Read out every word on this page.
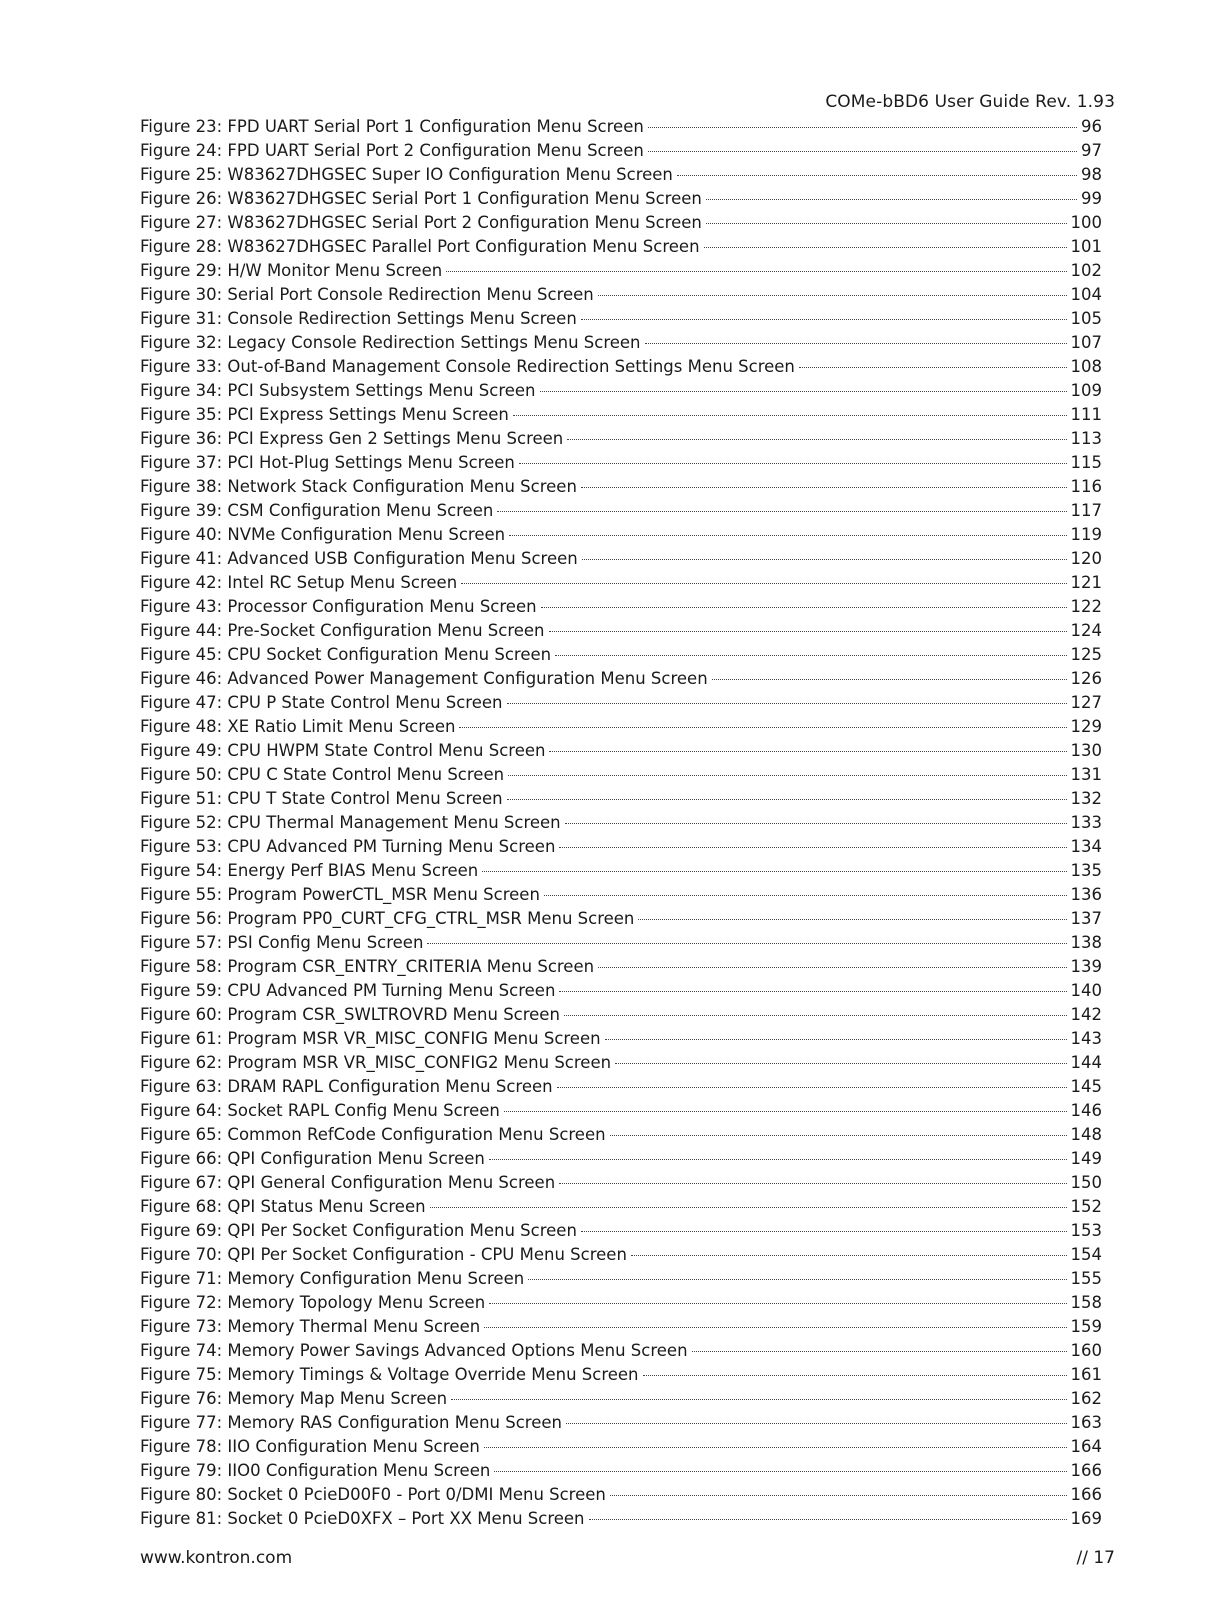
COMe-bBD6 User Guide Rev. 1.93
Figure 23: FPD UART Serial Port 1 Configuration Menu Screen	96
Figure 24: FPD UART Serial Port 2 Configuration Menu Screen	97
Figure 25: W83627DHGSEC Super IO Configuration Menu Screen	98
Figure 26: W83627DHGSEC Serial Port 1 Configuration Menu Screen	99
Figure 27: W83627DHGSEC Serial Port 2 Configuration Menu Screen	100
Figure 28: W83627DHGSEC Parallel Port Configuration Menu Screen	101
Figure 29: H/W Monitor Menu Screen	102
Figure 30: Serial Port Console Redirection Menu Screen	104
Figure 31: Console Redirection Settings Menu Screen	105
Figure 32: Legacy Console Redirection Settings Menu Screen	107
Figure 33: Out-of-Band Management Console Redirection Settings Menu Screen	108
Figure 34: PCI Subsystem Settings Menu Screen	109
Figure 35: PCI Express Settings Menu Screen	111
Figure 36: PCI Express Gen 2 Settings Menu Screen	113
Figure 37: PCI Hot-Plug Settings Menu Screen	115
Figure 38: Network Stack Configuration Menu Screen	116
Figure 39: CSM Configuration Menu Screen	117
Figure 40: NVMe Configuration Menu Screen	119
Figure 41: Advanced USB Configuration Menu Screen	120
Figure 42: Intel RC Setup Menu Screen	121
Figure 43: Processor Configuration Menu Screen	122
Figure 44: Pre-Socket Configuration Menu Screen	124
Figure 45: CPU Socket Configuration Menu Screen	125
Figure 46: Advanced Power Management Configuration Menu Screen	126
Figure 47: CPU P State Control Menu Screen	127
Figure 48: XE Ratio Limit Menu Screen	129
Figure 49: CPU HWPM State Control Menu Screen	130
Figure 50: CPU C State Control Menu Screen	131
Figure 51: CPU T State Control Menu Screen	132
Figure 52: CPU Thermal Management Menu Screen	133
Figure 53: CPU Advanced PM Turning Menu Screen	134
Figure 54: Energy Perf BIAS Menu Screen	135
Figure 55: Program PowerCTL_MSR Menu Screen	136
Figure 56: Program PP0_CURT_CFG_CTRL_MSR Menu Screen	137
Figure 57: PSI Config Menu Screen	138
Figure 58: Program CSR_ENTRY_CRITERIA Menu Screen	139
Figure 59: CPU Advanced PM Turning Menu Screen	140
Figure 60: Program CSR_SWLTROVRD Menu Screen	142
Figure 61: Program MSR VR_MISC_CONFIG Menu Screen	143
Figure 62: Program MSR VR_MISC_CONFIG2 Menu Screen	144
Figure 63: DRAM RAPL Configuration Menu Screen	145
Figure 64: Socket RAPL Config Menu Screen	146
Figure 65: Common RefCode Configuration Menu Screen	148
Figure 66: QPI Configuration Menu Screen	149
Figure 67: QPI General Configuration Menu Screen	150
Figure 68: QPI Status Menu Screen	152
Figure 69: QPI Per Socket Configuration Menu Screen	153
Figure 70: QPI Per Socket Configuration - CPU Menu Screen	154
Figure 71: Memory Configuration Menu Screen	155
Figure 72: Memory Topology Menu Screen	158
Figure 73: Memory Thermal Menu Screen	159
Figure 74: Memory Power Savings Advanced Options Menu Screen	160
Figure 75: Memory Timings & Voltage Override Menu Screen	161
Figure 76: Memory Map Menu Screen	162
Figure 77: Memory RAS Configuration Menu Screen	163
Figure 78: IIO Configuration Menu Screen	164
Figure 79: IIO0 Configuration Menu Screen	166
Figure 80: Socket 0 PcieD00F0 - Port 0/DMI Menu Screen	166
Figure 81: Socket 0 PcieD0XFX – Port XX Menu Screen	169
www.kontron.com	// 17
